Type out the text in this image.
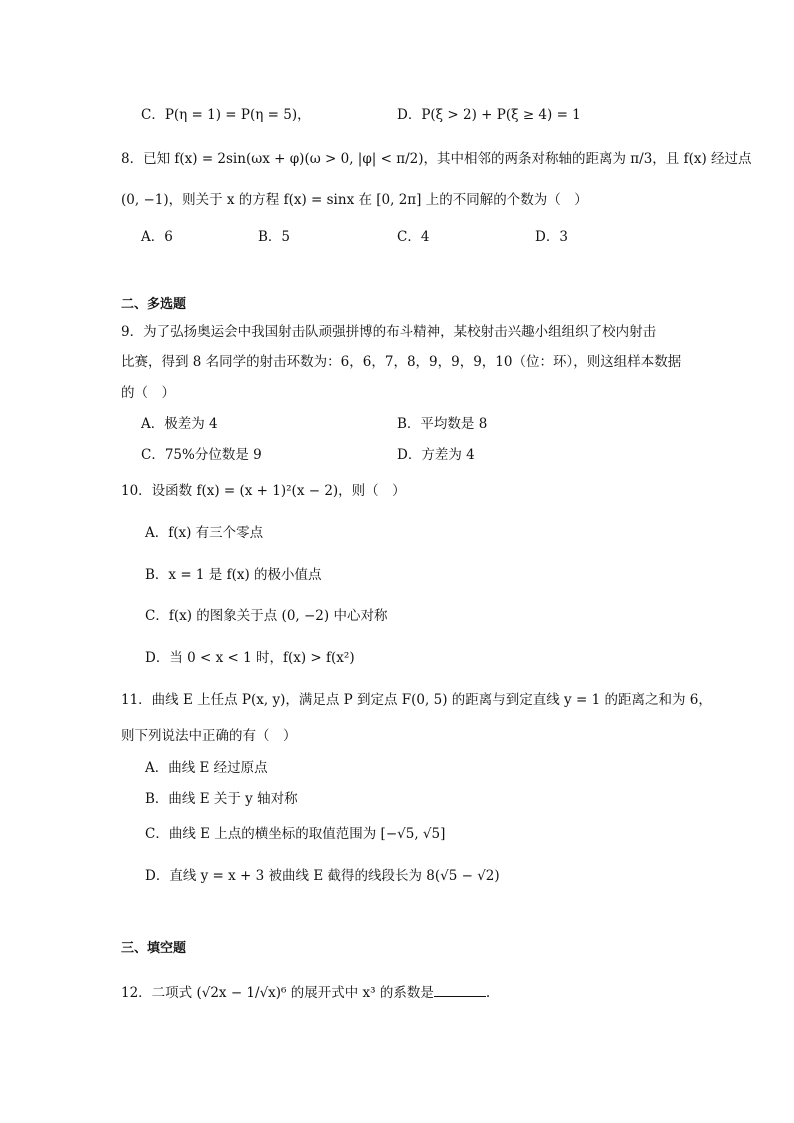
C．P(η = 1) = P(η = 5)，	D．P(ξ > 2) + P(ξ ≥ 4) = 1
8．已知 f(x) = 2sin(ωx + φ)(ω > 0, |φ| < π/2)，其中相邻的两条对称轴的距离为 π/3，且 f(x) 经过点
(0, −1)，则关于 x 的方程 f(x) = sinx 在 [0, 2π] 上的不同解的个数为（　）
A．6	B．5	C．4	D．3
二、多选题
9．为了弘扬奥运会中我国射击队顽强拼博的布斗精神，某校射击兴趣小组组织了校内射击
比赛，得到 8 名同学的射击环数为：6，6，7，8，9，9，9，10（位：环），则这组样本数据
的（　）
A．极差为 4	B．平均数是 8
C．75%分位数是 9	D．方差为 4
10．设函数 f(x) = (x + 1)²(x − 2)，则（　）
A．f(x) 有三个零点
B．x = 1 是 f(x) 的极小值点
C．f(x) 的图象关于点 (0, −2) 中心对称
D．当 0 < x < 1 时，f(x) > f(x²)
11．曲线 E 上任点 P(x, y)，满足点 P 到定点 F(0, 5) 的距离与到定直线 y = 1 的距离之和为 6，
则下列说法中正确的有（　）
A．曲线 E 经过原点
B．曲线 E 关于 y 轴对称
C．曲线 E 上点的横坐标的取值范围为 [−√5, √5]
D．直线 y = x + 3 被曲线 E 截得的线段长为 8(√5 − √2)
三、填空题
12．二项式 (√2x − 1/√x)⁶ 的展开式中 x³ 的系数是	.
